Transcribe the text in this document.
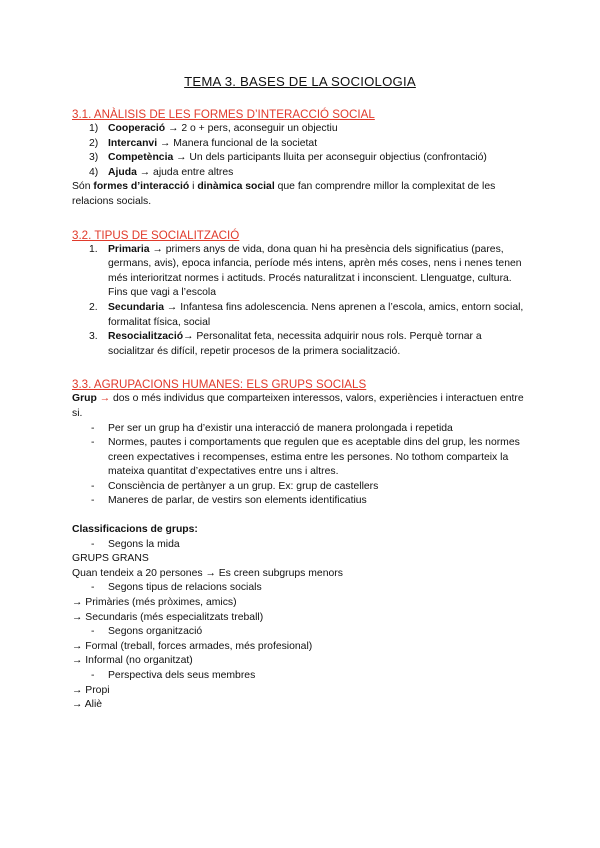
TEMA 3. BASES DE LA SOCIOLOGIA
3.1. ANÀLISIS DE LES FORMES D’INTERACCIÓ SOCIAL
1) Cooperació → 2 o + pers, aconseguir un objectiu
2) Intercanvi → Manera funcional de la societat
3) Competència → Un dels participants lluita per aconseguir objectius (confrontació)
4) Ajuda → ajuda entre altres

Són formes d’interacció i dinàmica social que fan comprendre millor la complexitat de les relacions socials.

3.2. TIPUS DE SOCIALITZACIÓ
1. Primaria → primers anys de vida, dona quan hi ha presència dels significatius (pares, germans, avis), epoca infancia, període més intens, aprèn més coses, nens i nenes tenen més interioritzat normes i actituds. Procés naturalitzat i inconscient. Llenguatge, cultura. Fins que vagi a l’escola
2. Secundaria → Infantesa fins adolescencia. Nens aprenen a l’escola, amics, entorn social, formalitat física, social
3. Resocialització→ Personalitat feta, necessita adquirir nous rols. Perquè tornar a socialitzar és difícil, repetir procesos de la primera socialització.
3.3. AGRUPACIONS HUMANES: ELS GRUPS SOCIALS

Grup → dos o més individus que comparteixen interessos, valors, experiències i interactuen entre si.

- Per ser un grup ha d’existir una interacció de manera prolongada i repetida
- Normes, pautes i comportaments que regulen que es aceptable dins del grup, les normes creen expectatives i recompenses, estima entre les persones. No tothom comparteix la mateixa quantitat d’expectatives entre uns i altres.
- Consciència de pertànyer a un grup. Ex: grup de castellers
- Maneres de parlar, de vestirs son elements identificatius

Classificacions de grups:

- Segons la mida

GRUPS GRANS

Quan tendeix a 20 persones → Es creen subgrups menors

- Segons tipus de relacions socials

→ Primàries (més pròximes, amics)

→ Secundaris (més especialitzats treball)

- Segons organització

→ Formal (treball, forces armades, més profesional)

→ Informal (no organitzat)

- Perspectiva dels seus membres

→ Propi

→ Aliè
